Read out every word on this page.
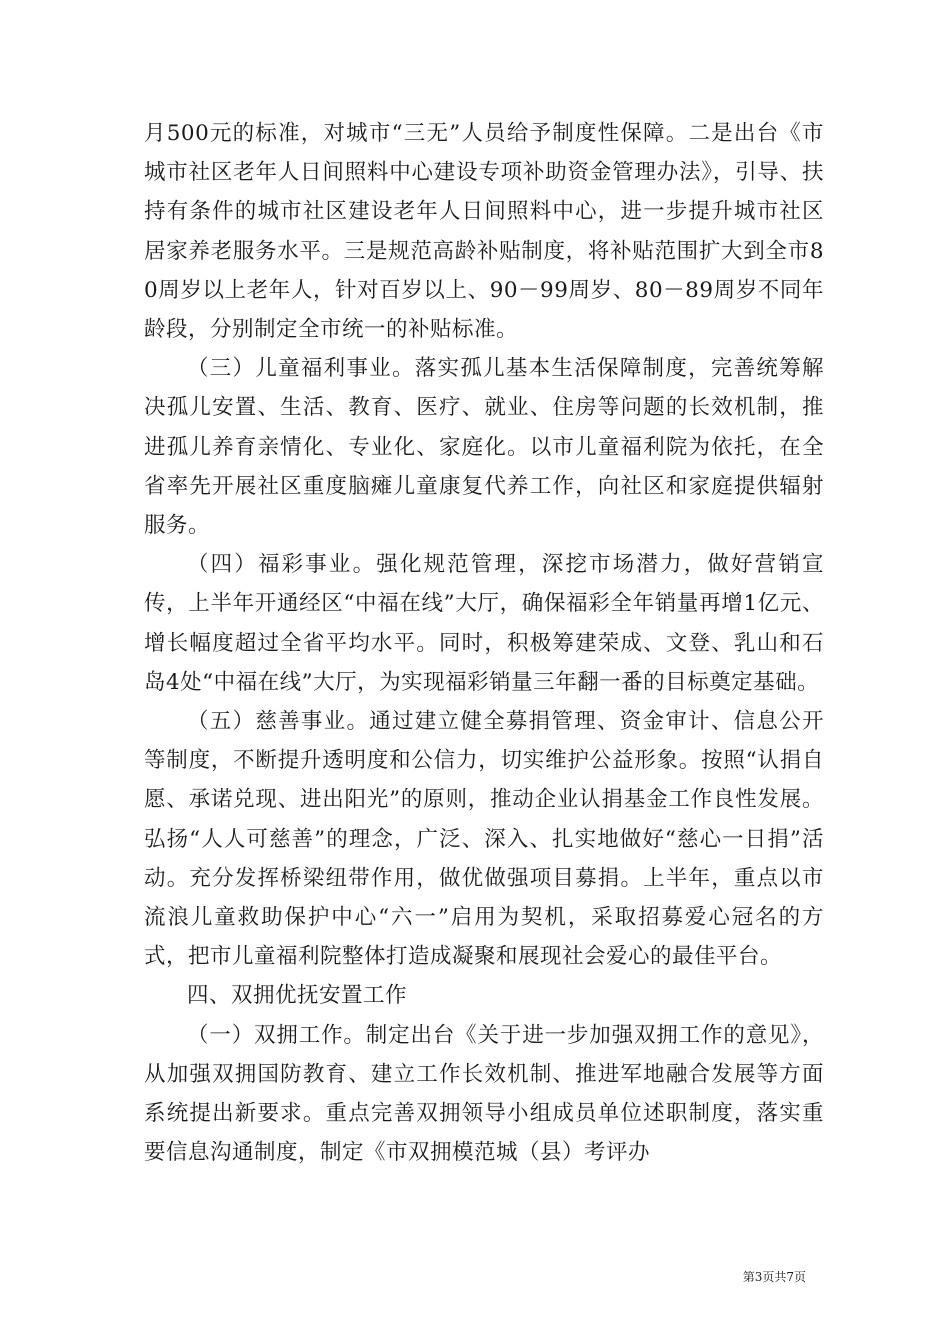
月500元的标准，对城市“三无”人员给予制度性保障。二是出台《市城市社区老年人日间照料中心建设专项补助资金管理办法》，引导、扶持有条件的城市社区建设老年人日间照料中心，进一步提升城市社区居家养老服务水平。三是规范高龄补贴制度，将补贴范围扩大到全市80周岁以上老年人，针对百岁以上、90－99周岁、80－89周岁不同年龄段，分别制定全市统一的补贴标准。

（三）儿童福利事业。落实孤儿基本生活保障制度，完善统筹解决孤儿安置、生活、教育、医疗、就业、住房等问题的长效机制，推进孤儿养育亲情化、专业化、家庭化。以市儿童福利院为依托，在全省率先开展社区重度脑瘫儿童康复代养工作，向社区和家庭提供辐射服务。

（四）福彩事业。强化规范管理，深挖市场潜力，做好营销宣传，上半年开通经区“中福在线”大厅，确保福彩全年销量再增1亿元、增长幅度超过全省平均水平。同时，积极筹建荣成、文登、乳山和石岛4处“中福在线”大厅，为实现福彩销量三年翻一番的目标奠定基础。

（五）慈善事业。通过建立健全募捐管理、资金审计、信息公开等制度，不断提升透明度和公信力，切实维护公益形象。按照“认捐自愿、承诺兑现、进出阳光”的原则，推动企业认捐基金工作良性发展。弘扬“人人可慈善”的理念，广泛、深入、扎实地做好“慈心一日捐”活动。充分发挥桥梁纽带作用，做优做强项目募捐。上半年，重点以市流浪儿童救助保护中心“六一”启用为契机，采取招募爱心冠名的方式，把市儿童福利院整体打造成凝聚和展现社会爱心的最佳平台。

四、双拥优抚安置工作

（一）双拥工作。制定出台《关于进一步加强双拥工作的意见》，从加强双拥国防教育、建立工作长效机制、推进军地融合发展等方面系统提出新要求。重点完善双拥领导小组成员单位述职制度，落实重要信息沟通制度，制定《市双拥模范城（县）考评办

第3页共7页
